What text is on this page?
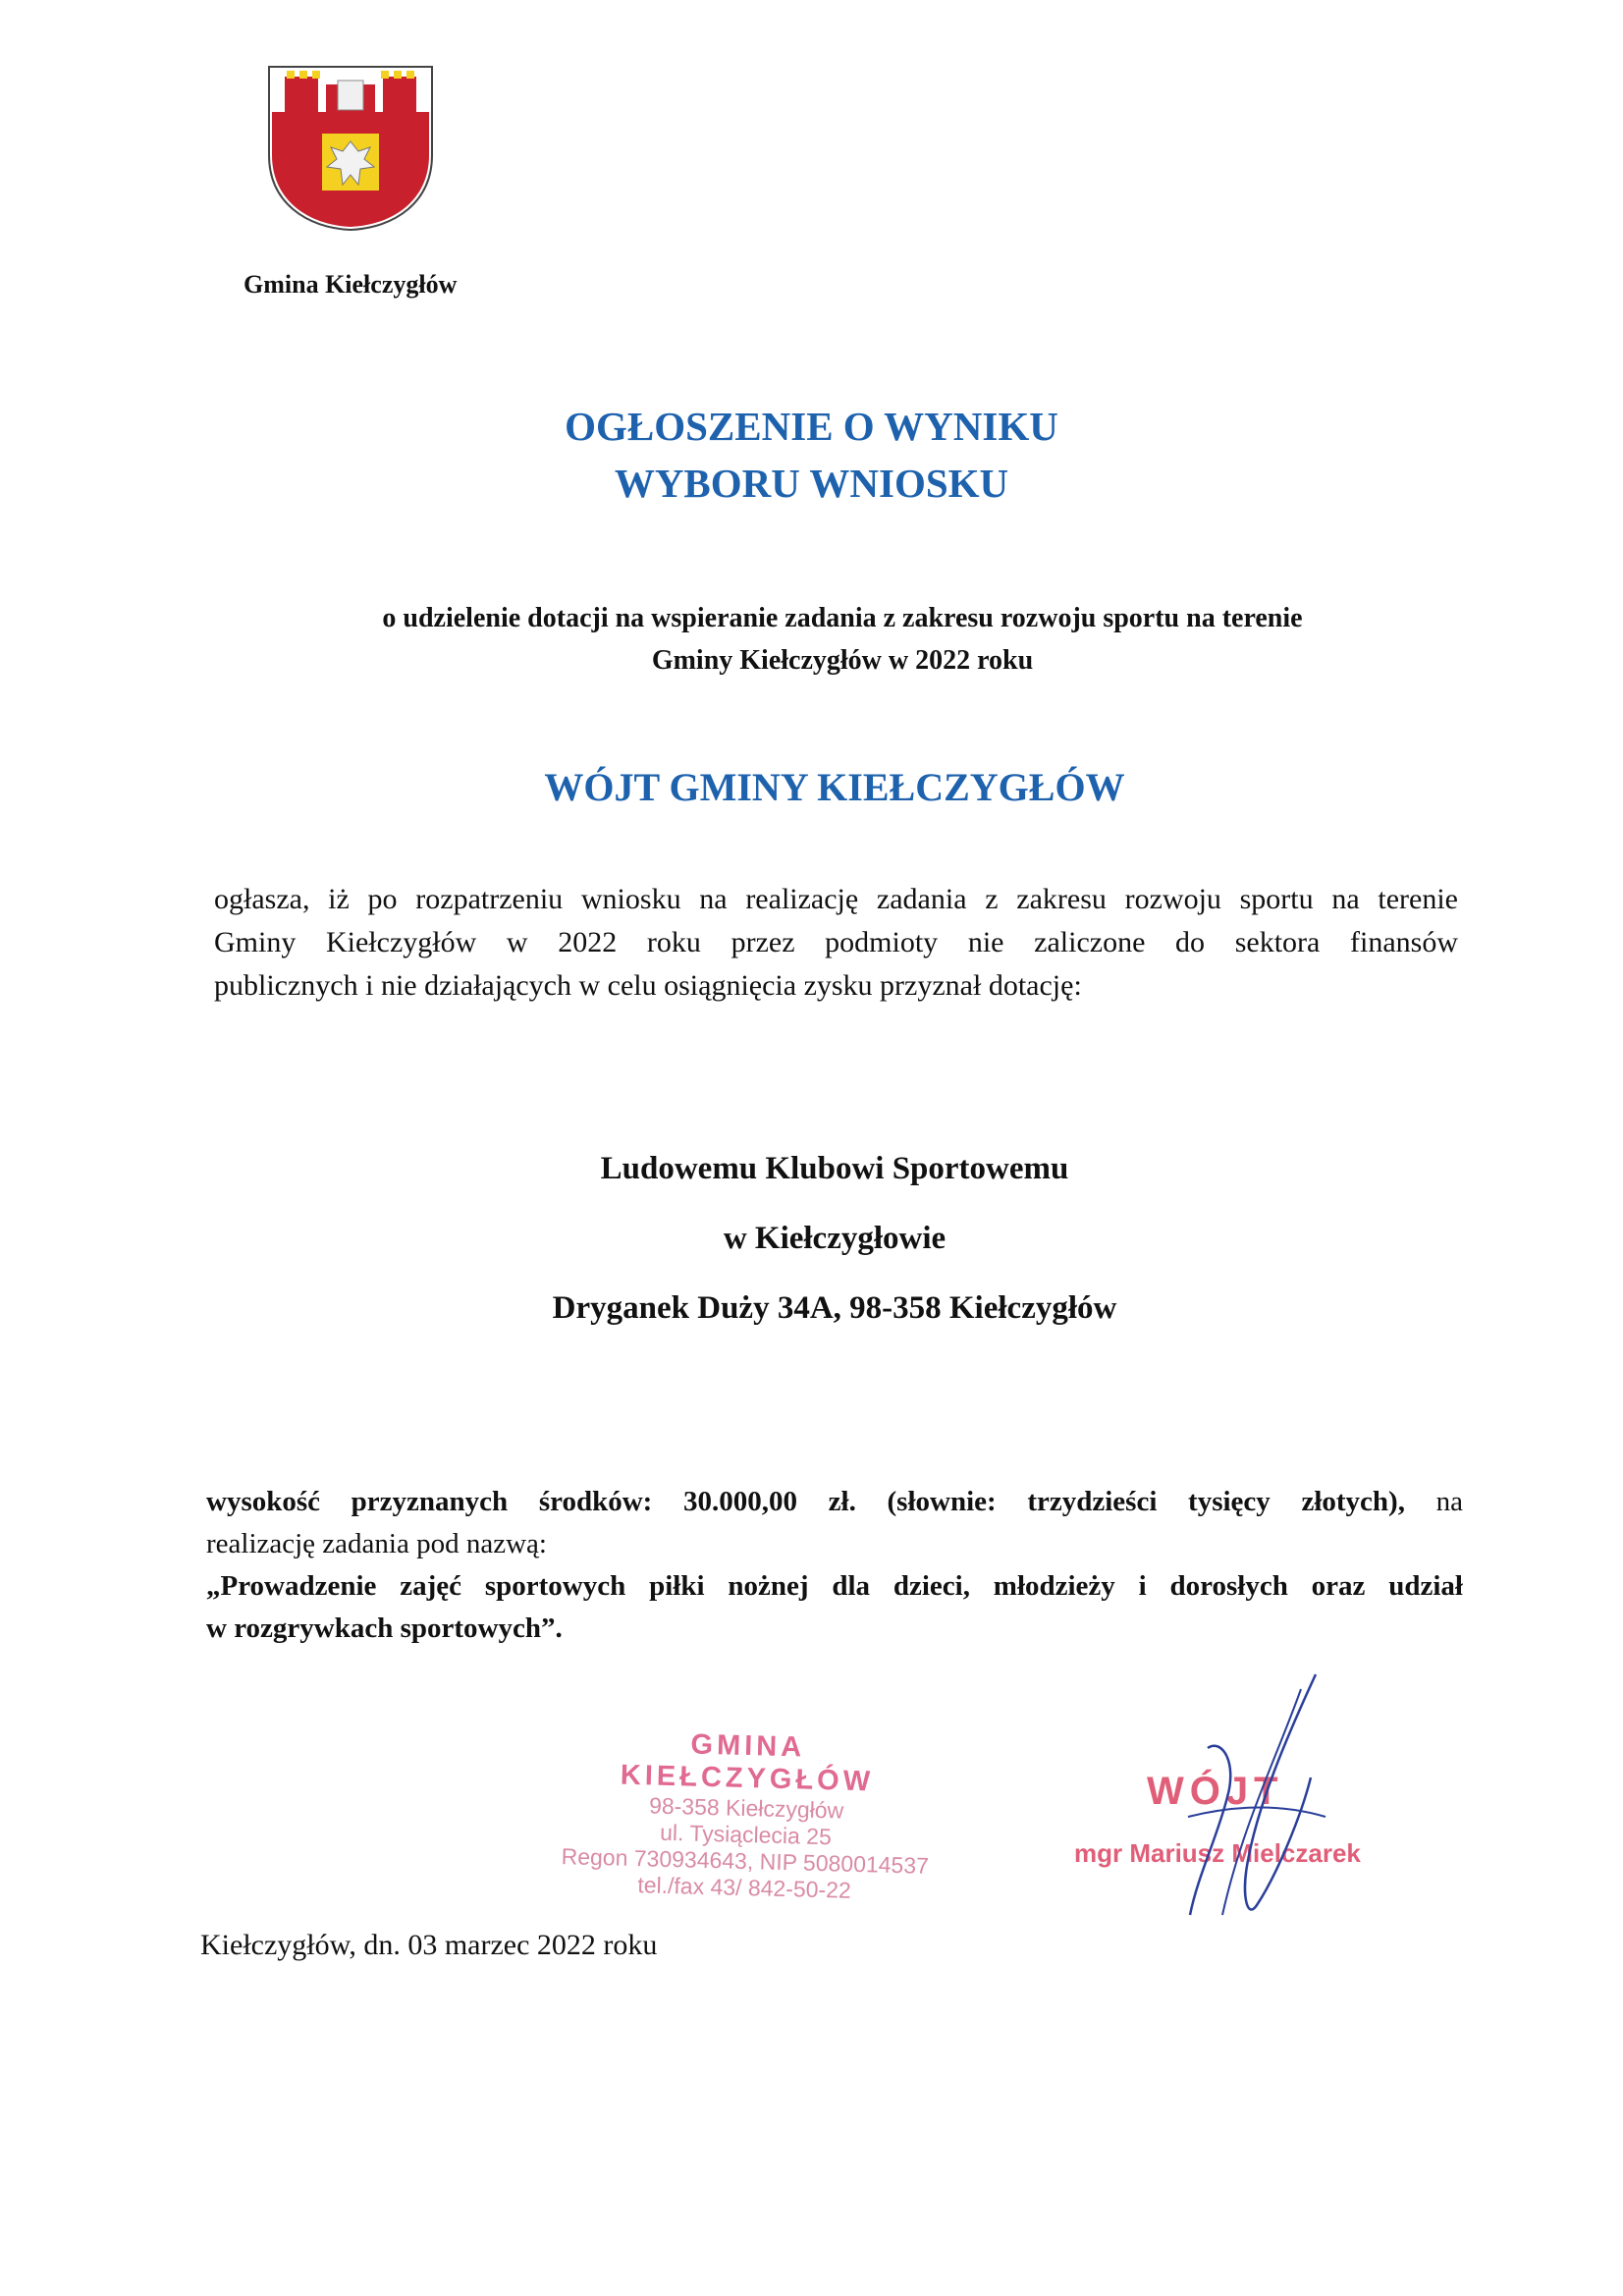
Gmina Kiełczygłów
OGŁOSZENIE O WYNIKU
WYBORU WNIOSKU
o udzielenie dotacji na wspieranie zadania z zakresu rozwoju sportu na terenie
Gminy Kiełczygłów w 2022 roku
WÓJT GMINY KIEŁCZYGŁÓW
ogłasza, iż po rozpatrzeniu wniosku na realizację zadania z zakresu rozwoju sportu na terenie
Gminy Kiełczygłów w 2022 roku przez podmioty nie zaliczone do sektora finansów
publicznych i nie działających w celu osiągnięcia zysku przyznał dotację:
Ludowemu Klubowi Sportowemu
w Kiełczygłowie
Dryganek Duży 34A, 98-358 Kiełczygłów
wysokość przyznanych środków: 30.000,00 zł. (słownie: trzydzieści tysięcy złotych), na
realizację zadania pod nazwą:
„Prowadzenie zajęć sportowych piłki nożnej dla dzieci, młodzieży i dorosłych oraz udział
w rozgrywkach sportowych”.
GMINA KIEŁCZYGŁÓW
98-358 Kiełczygłów
ul. Tysiąclecia 25
Regon 730934643, NIP 5080014537
tel./fax 43/ 842-50-22
WÓJT
mgr Mariusz Mielczarek
Kiełczygłów, dn. 03 marzec 2022 roku
